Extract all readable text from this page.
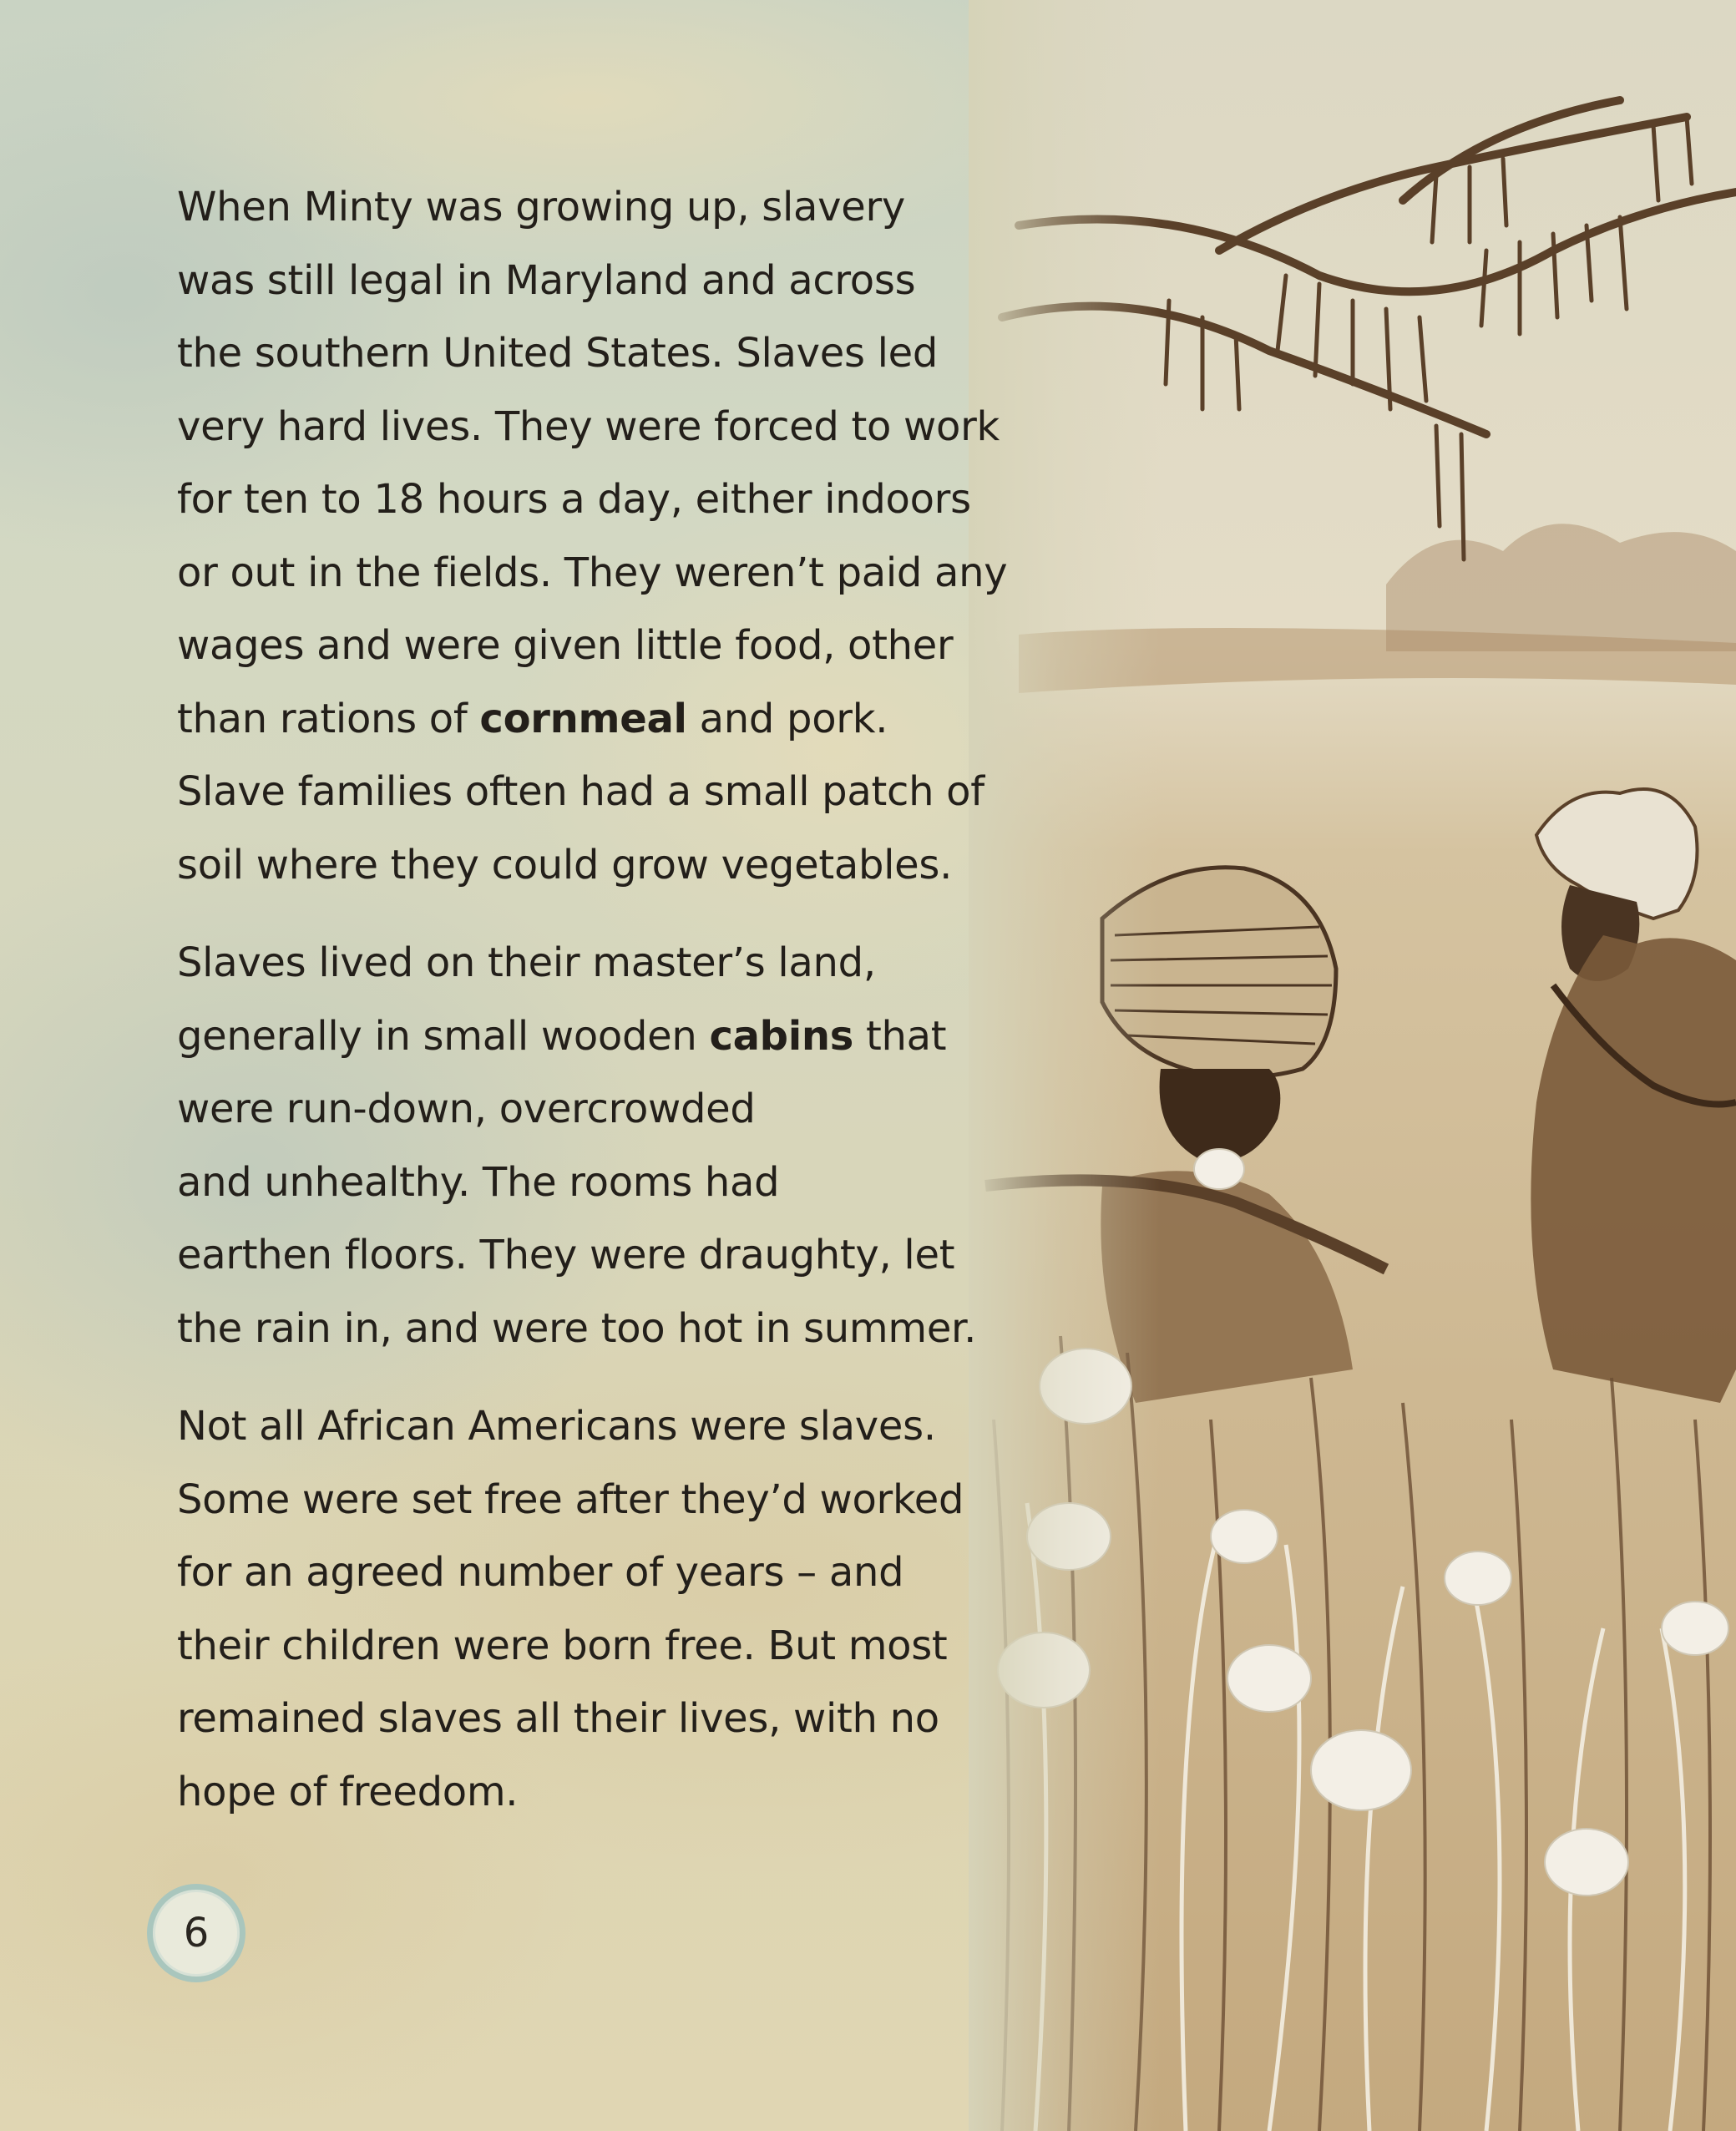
When Minty was growing up, slavery
was still legal in Maryland and across
the southern United States. Slaves led
very hard lives. They were forced to work
for ten to 18 hours a day, either indoors
or out in the fields. They weren’t paid any
wages and were given little food, other
than rations of cornmeal and pork.
Slave families often had a small patch of
soil where they could grow vegetables.
Slaves lived on their master’s land,
generally in small wooden cabins that
were run-down, overcrowded
and unhealthy. The rooms had
earthen floors. They were draughty, let
the rain in, and were too hot in summer.
Not all African Americans were slaves.
Some were set free after they’d worked
for an agreed number of years – and
their children were born free. But most
remained slaves all their lives, with no
hope of freedom.
6
